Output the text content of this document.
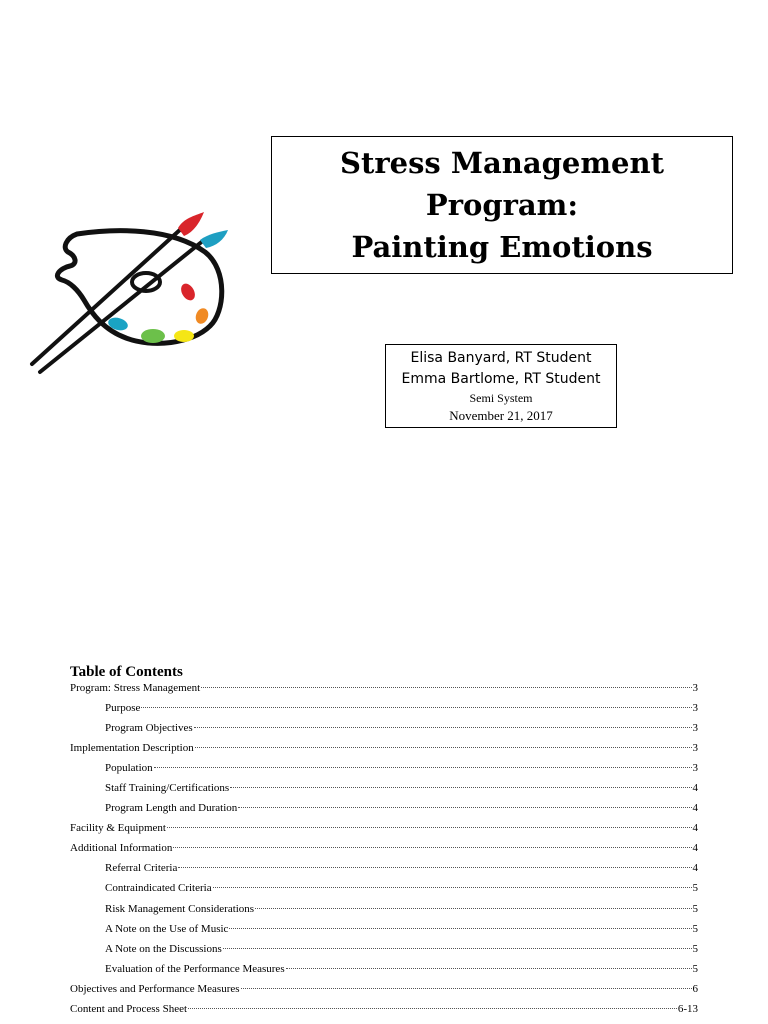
Stress Management
Program:
Painting Emotions
Elisa Banyard, RT Student
Emma Bartlome, RT Student
Semi System
November 21, 2017
Table of Contents
Program: Stress Management	3
Purpose	3
Program Objectives	3
Implementation Description	3
Population	3
Staff Training/Certifications	4
Program Length and Duration	4
Facility & Equipment	4
Additional Information	4
Referral Criteria	4
Contraindicated Criteria	5
Risk Management Considerations	5
A Note on the Use of Music	5
A Note on the Discussions	5
Evaluation of the Performance Measures	5
Objectives and Performance Measures	6
Content and Process Sheet	6-13
